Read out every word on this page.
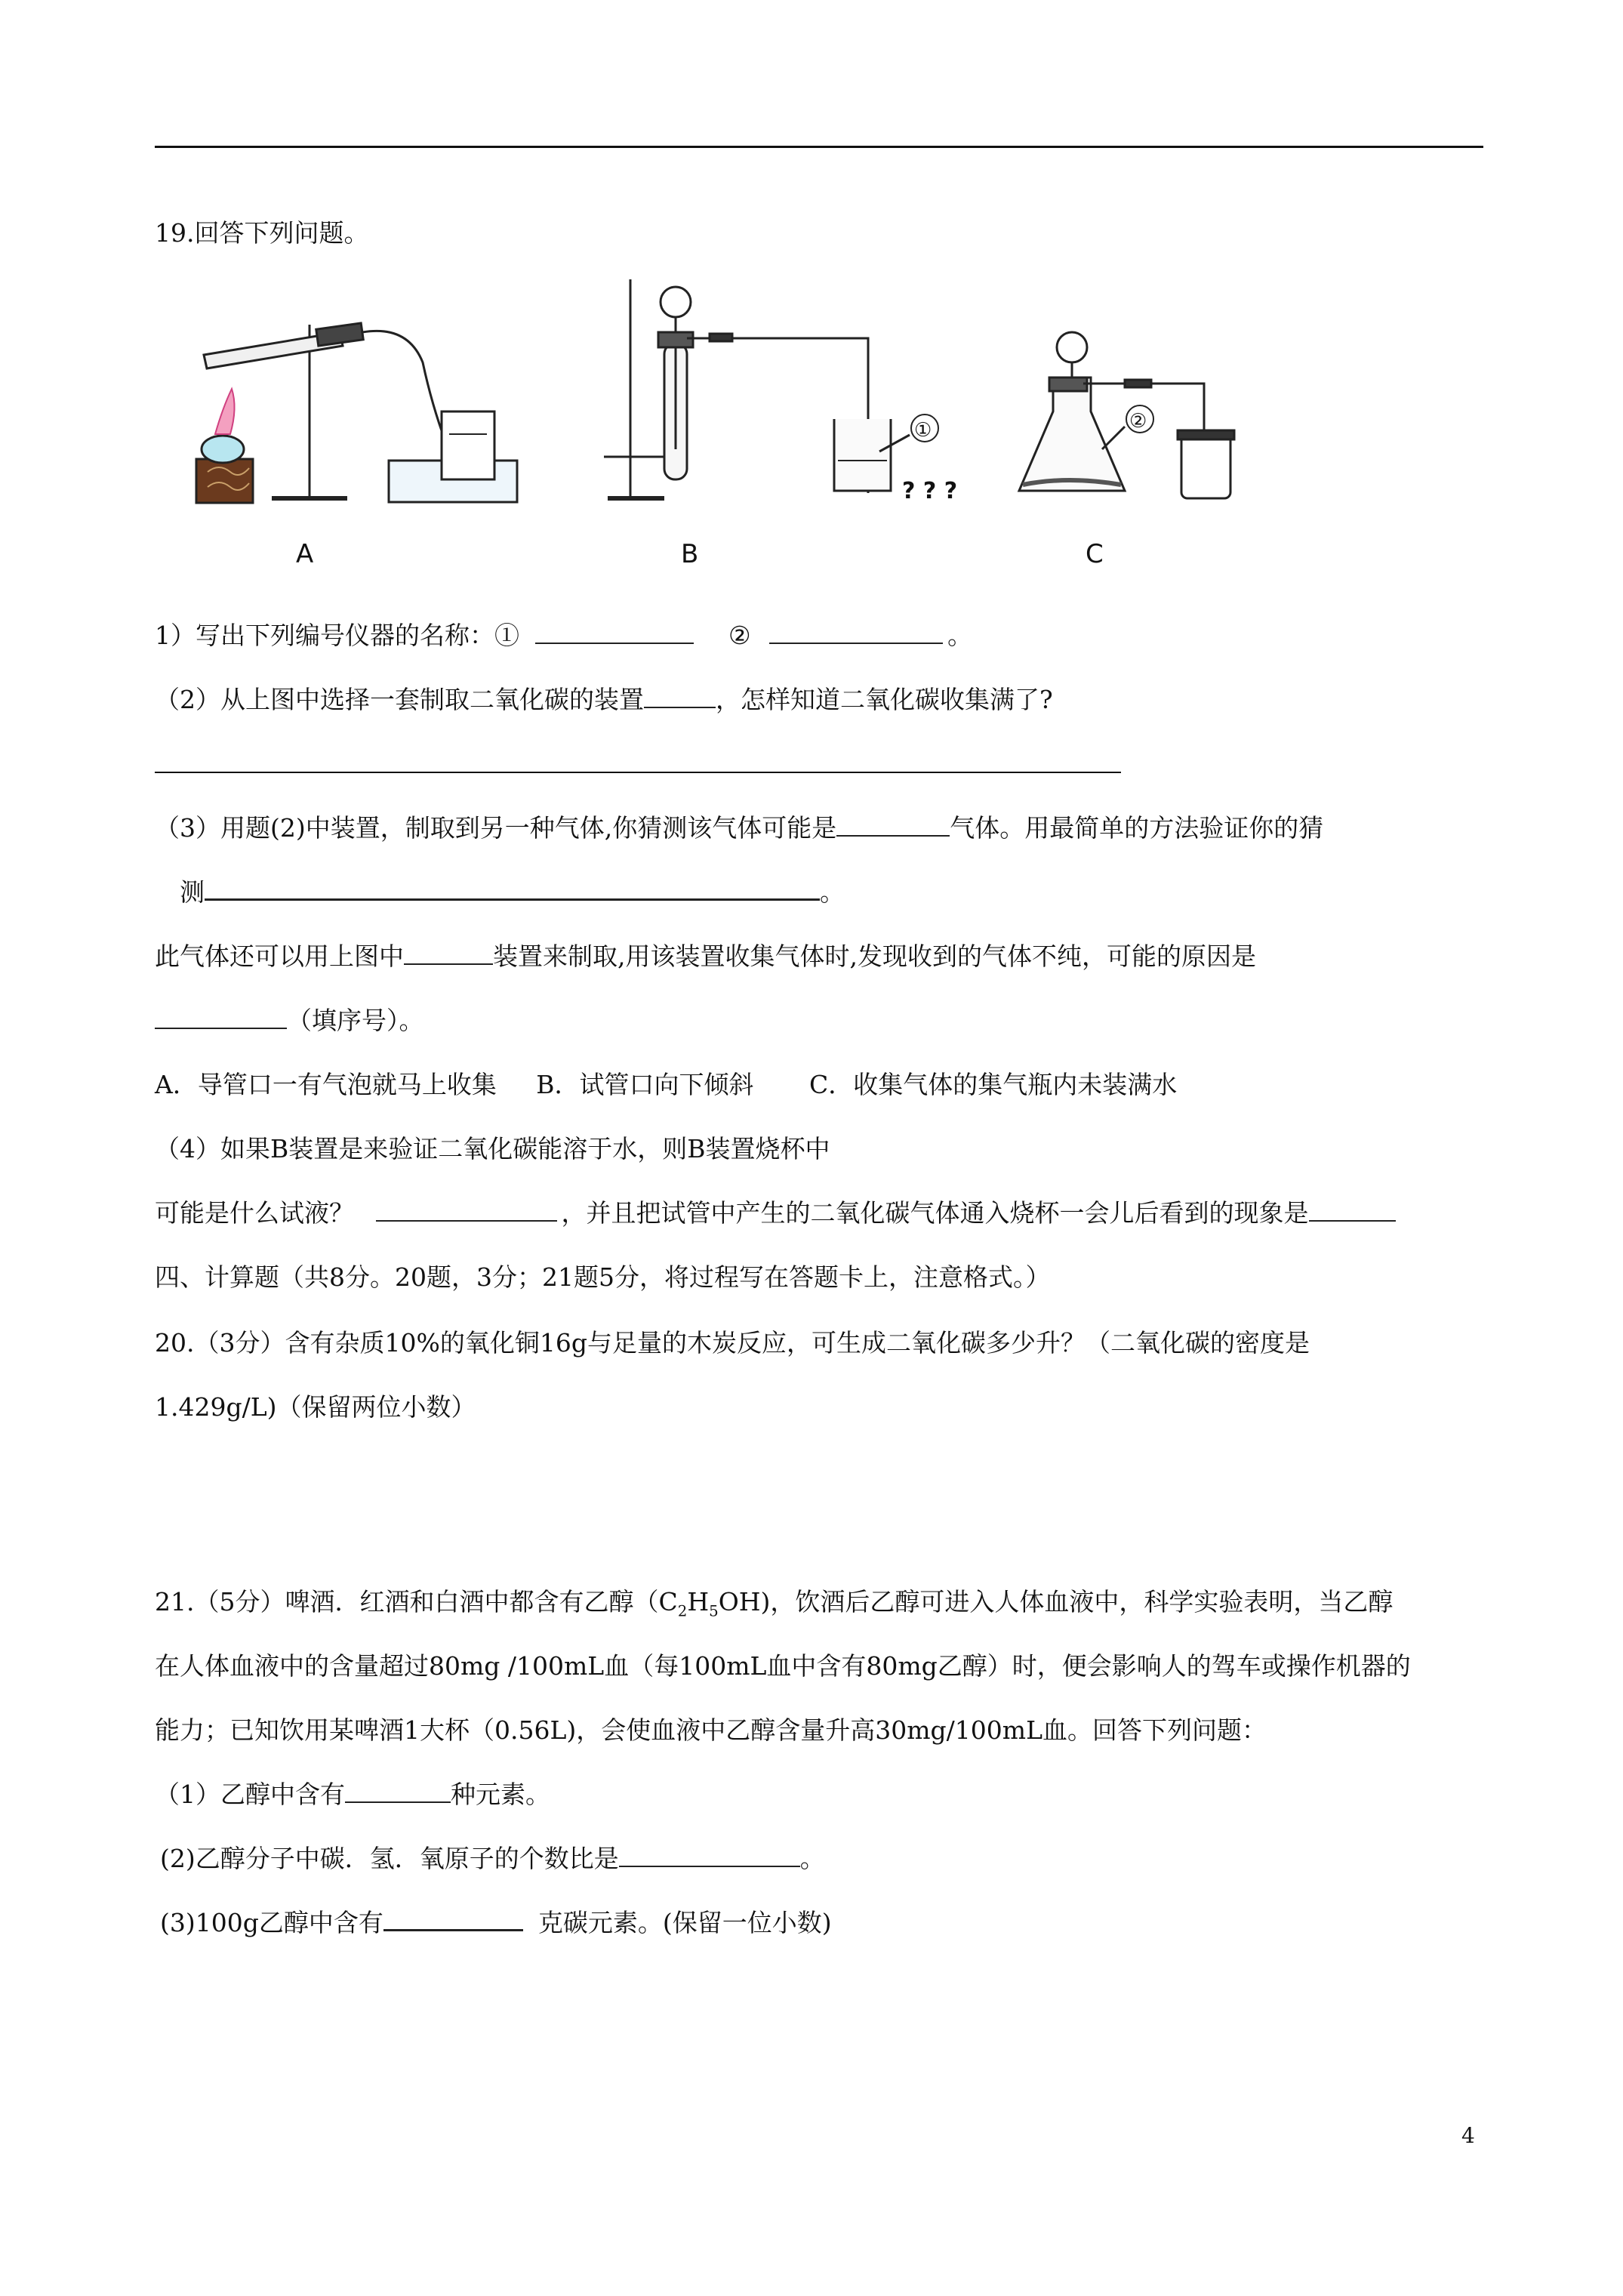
19.回答下列问题。
①	②
? ? ?
A	B	C
1）写出下列编号仪器的名称：①	②	。
（2）从上图中选择一套制取二氧化碳的装置	，怎样知道二氧化碳收集满了?
（3）用题(2)中装置，制取到另一种气体,你猜测该气体可能是	气体。用最简单的方法验证你的猜
测	。
此气体还可以用上图中	装置来制取,用该装置收集气体时,发现收到的气体不纯，可能的原因是
（填序号）。
A．导管口一有气泡就马上收集     B．试管口向下倾斜       C．收集气体的集气瓶内未装满水
（4）如果B装置是来验证二氧化碳能溶于水，则B装置烧杯中
可能是什么试液？	，并且把试管中产生的二氧化碳气体通入烧杯一会儿后看到的现象是
四、计算题（共8分。20题，3分；21题5分，将过程写在答题卡上，注意格式。）
20.（3分）含有杂质10%的氧化铜16g与足量的木炭反应，可生成二氧化碳多少升？（二氧化碳的密度是
1.429g/L)（保留两位小数）
21.（5分）啤酒．红酒和白酒中都含有乙醇$(C_2H_5OH)$，饮酒后乙醇可进入人体血液中，科学实验表明，当乙醇
在人体血液中的含量超过80mg /100mL血（每100mL血中含有80mg乙醇）时，便会影响人的驾车或操作机器的
能力；已知饮用某啤酒1大杯（0.56L)，会使血液中乙醇含量升高30mg/100mL血。回答下列问题：
（1）乙醇中含有	种元素。
(2)乙醇分子中碳．氢．氧原子的个数比是	。
(3)100g乙醇中含有	克碳元素。(保留一位小数)
4
